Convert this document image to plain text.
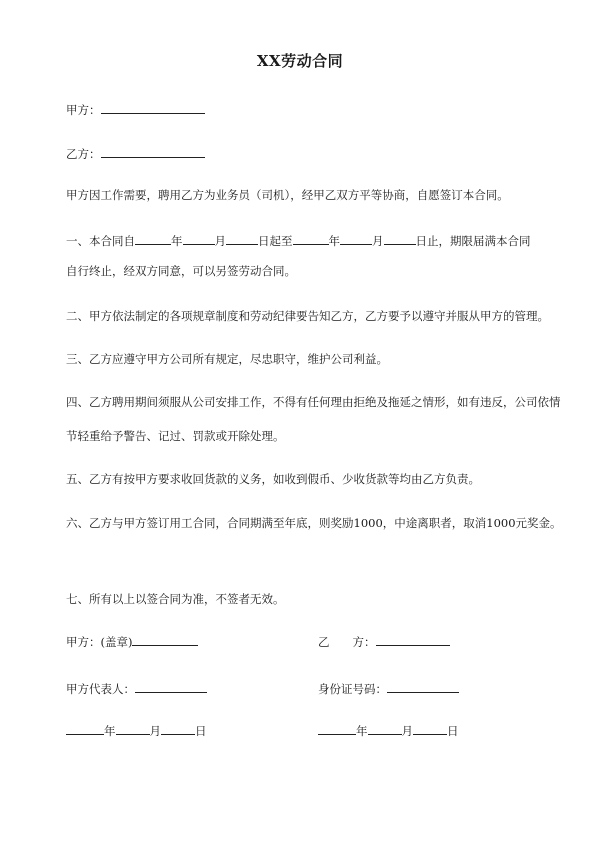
XX劳动合同
甲方：
乙方：
甲方因工作需要，聘用乙方为业务员（司机），经甲乙双方平等协商，自愿签订本合同。
一、本合同自	年	月	日起至	年	月	日止，期限届满本合同
自行终止，经双方同意，可以另签劳动合同。
二、甲方依法制定的各项规章制度和劳动纪律要告知乙方，乙方要予以遵守并服从甲方的管理。
三、乙方应遵守甲方公司所有规定，尽忠职守，维护公司利益。
四、乙方聘用期间须服从公司安排工作，不得有任何理由拒绝及拖延之情形，如有违反，公司依情节轻重给予警告、记过、罚款或开除处理。
五、乙方有按甲方要求收回货款的义务，如收到假币、少收货款等均由乙方负责。
六、乙方与甲方签订用工合同，合同期满至年底，则奖励1000，中途离职者，取消1000元奖金。
七、所有以上以签合同为准，不签者无效。
甲方：(盖章)	乙　　方：
甲方代表人：	身份证号码：
年	月	日	年	月	日
